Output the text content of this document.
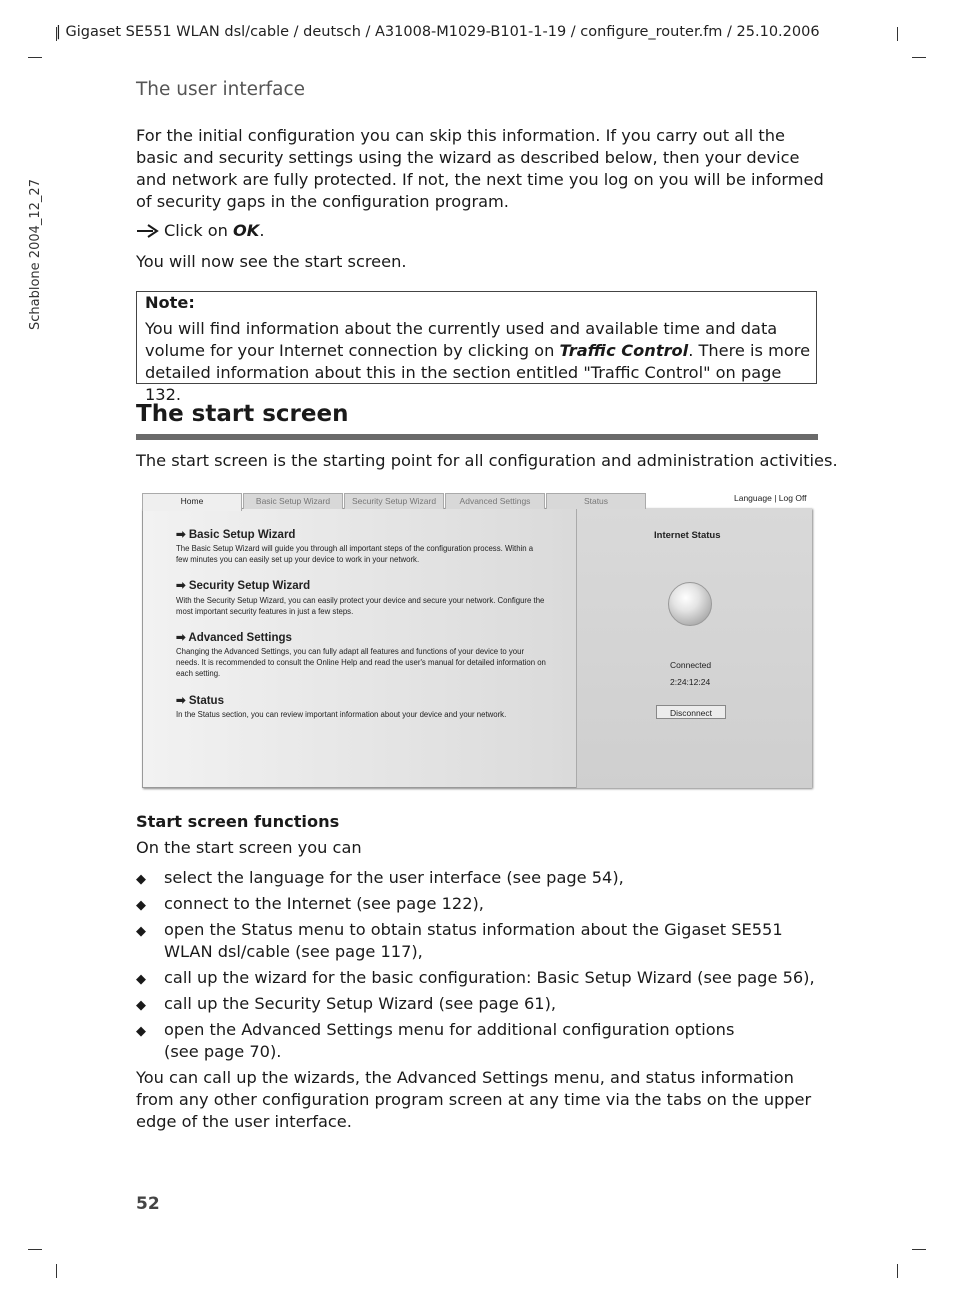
| Gigaset SE551 WLAN dsl/cable / deutsch / A31008-M1029-B101-1-19 / configure_router.fm / 25.10.2006
Schablone 2004_12_27
The user interface
For the initial configuration you can skip this information. If you carry out all the basic and security settings using the wizard as described below, then your device and network are fully protected. If not, the next time you log on you will be informed of security gaps in the configuration program.
Click on OK .
You will now see the start screen.
Note:
You will find information about the currently used and available time and data volume for your Internet connection by clicking on Traffic Control. There is more detailed information about this in the section entitled "Traffic Control" on page 132.
The start screen
The start screen is the starting point for all configuration and administration activities.
Home	Basic Setup Wizard	Security Setup Wizard	Advanced Settings	Status	Language | Log Off
➡ Basic Setup Wizard
The Basic Setup Wizard will guide you through all important steps of the configuration process. Within a few minutes you can easily set up your device to work in your network.
➡ Security Setup Wizard
With the Security Setup Wizard, you can easily protect your device and secure your network. Configure the most important security features in just a few steps.
➡ Advanced Settings
Changing the Advanced Settings, you can fully adapt all features and functions of your device to your needs. It is recommended to consult the Online Help and read the user's manual for detailed information on each setting.
➡ Status
In the Status section, you can review important information about your device and your network.
Internet Status
Connected
2:24:12:24
Disconnect
Start screen functions
On the start screen you can
◆	select the language for the user interface (see page 54),
◆	connect to the Internet (see page 122),
◆	open the Status menu to obtain status information about the Gigaset SE551 WLAN dsl/cable (see page 117),
◆	call up the wizard for the basic configuration: Basic Setup Wizard (see page 56),
◆	call up the Security Setup Wizard (see page 61),
◆	open the Advanced Settings menu for additional configuration options (see page 70).
You can call up the wizards, the Advanced Settings menu, and status information from any other configuration program screen at any time via the tabs on the upper edge of the user interface.
52
